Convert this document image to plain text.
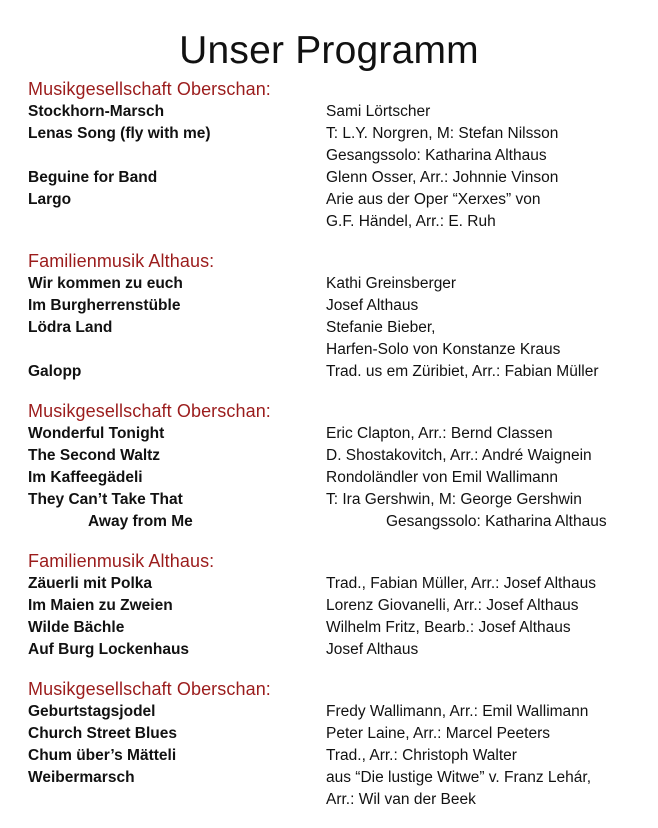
Unser Programm
Musikgesellschaft Oberschan:
Stockhorn-Marsch	Sami Lörtscher
Lenas Song (fly with me)	T: L.Y. Norgren, M: Stefan Nilsson
Gesangssolo: Katharina Althaus
Beguine for Band	Glenn Osser, Arr.: Johnnie Vinson
Largo	Arie aus der Oper “Xerxes” von
G.F. Händel, Arr.: E. Ruh
Familienmusik Althaus:
Wir kommen zu euch	Kathi Greinsberger
Im Burgherrenstüble	Josef Althaus
Lödra Land	Stefanie Bieber,
Harfen-Solo von Konstanze Kraus
Galopp	Trad. us em Züribiet, Arr.: Fabian Müller
Musikgesellschaft Oberschan:
Wonderful Tonight	Eric Clapton, Arr.: Bernd Classen
The Second Waltz	D. Shostakovitch, Arr.: André Waignein
Im Kaffeegädeli	Rondoländler von Emil Wallimann
They Can’t Take That	T: Ira Gershwin, M: George Gershwin
Away from Me	Gesangssolo: Katharina Althaus
Familienmusik Althaus:
Zäuerli mit Polka	Trad., Fabian Müller, Arr.: Josef Althaus
Im Maien zu Zweien	Lorenz Giovanelli, Arr.: Josef Althaus
Wilde Bächle	Wilhelm Fritz, Bearb.: Josef Althaus
Auf Burg Lockenhaus	Josef Althaus
Musikgesellschaft Oberschan:
Geburtstagsjodel	Fredy Wallimann, Arr.: Emil Wallimann
Church Street Blues	Peter Laine, Arr.: Marcel Peeters
Chum über’s Mätteli	Trad., Arr.: Christoph Walter
Weibermarsch	aus “Die lustige Witwe” v. Franz Lehár,
Arr.: Wil van der Beek
